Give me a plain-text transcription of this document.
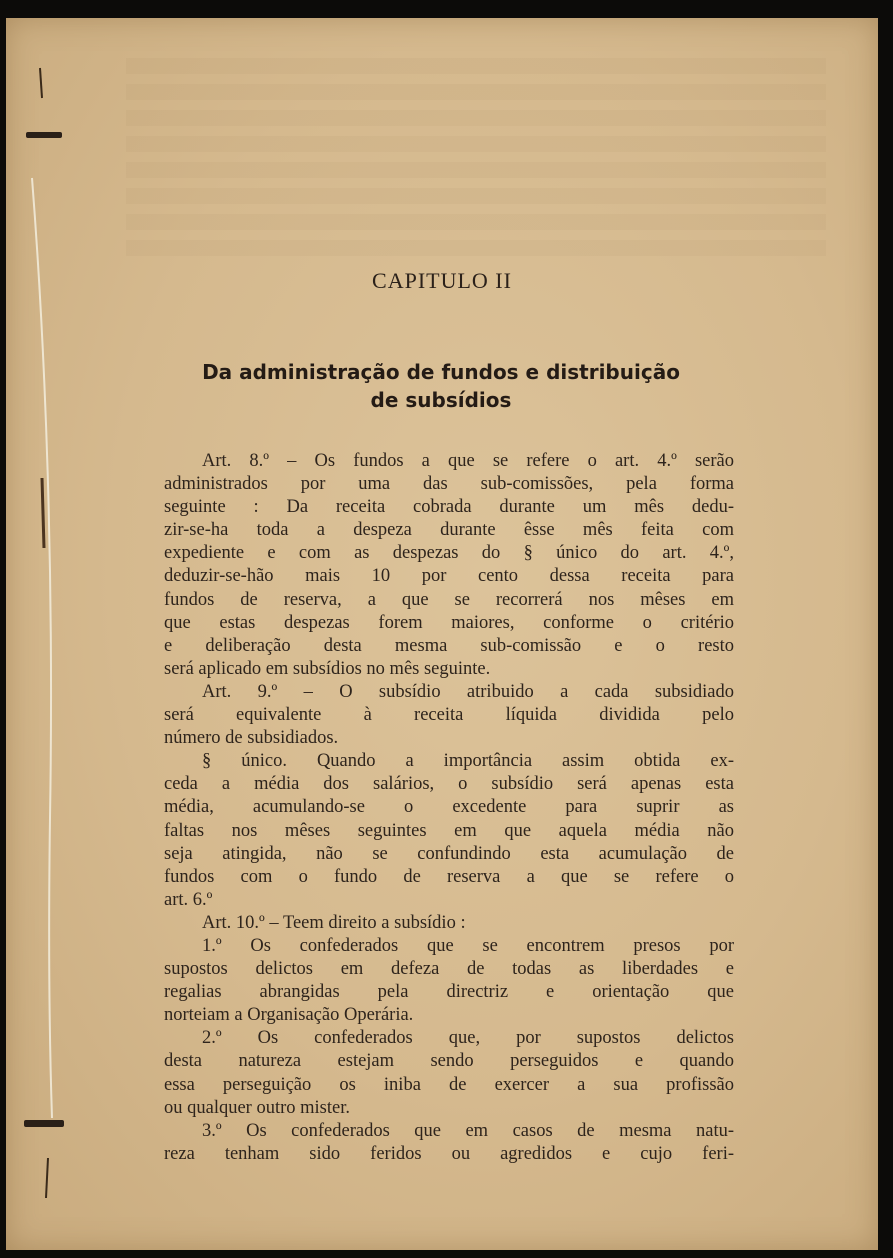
CAPITULO II
Da administração de fundos e distribuição
de subsídios
Art. 8.º – Os fundos a que se refere o art. 4.º serão
administrados por uma das sub-comissões, pela forma
seguinte : Da receita cobrada durante um mês dedu-
zir-se-ha toda a despeza durante êsse mês feita com
expediente e com as despezas do § único do art. 4.º,
deduzir-se-hão mais 10 por cento dessa receita para
fundos de reserva, a que se recorrerá nos mêses em
que estas despezas forem maiores, conforme o critério
e deliberação desta mesma sub-comissão e o resto
será aplicado em subsídios no mês seguinte.
Art. 9.º – O subsídio atribuido a cada subsidiado
será equivalente à receita líquida dividida pelo
número de subsidiados.
§ único. Quando a importância assim obtida ex-
ceda a média dos salários, o subsídio será apenas esta
média, acumulando-se o excedente para suprir as
faltas nos mêses seguintes em que aquela média não
seja atingida, não se confundindo esta acumulação de
fundos com o fundo de reserva a que se refere o
art. 6.º
Art. 10.º – Teem direito a subsídio :
1.º Os confederados que se encontrem presos por
supostos delictos em defeza de todas as liberdades e
regalias abrangidas pela directriz e orientação que
norteiam a Organisação Operária.
2.º Os confederados que, por supostos delictos
desta natureza estejam sendo perseguidos e quando
essa perseguição os iniba de exercer a sua profissão
ou qualquer outro mister.
3.º Os confederados que em casos de mesma natu-
reza tenham sido feridos ou agredidos e cujo feri-
